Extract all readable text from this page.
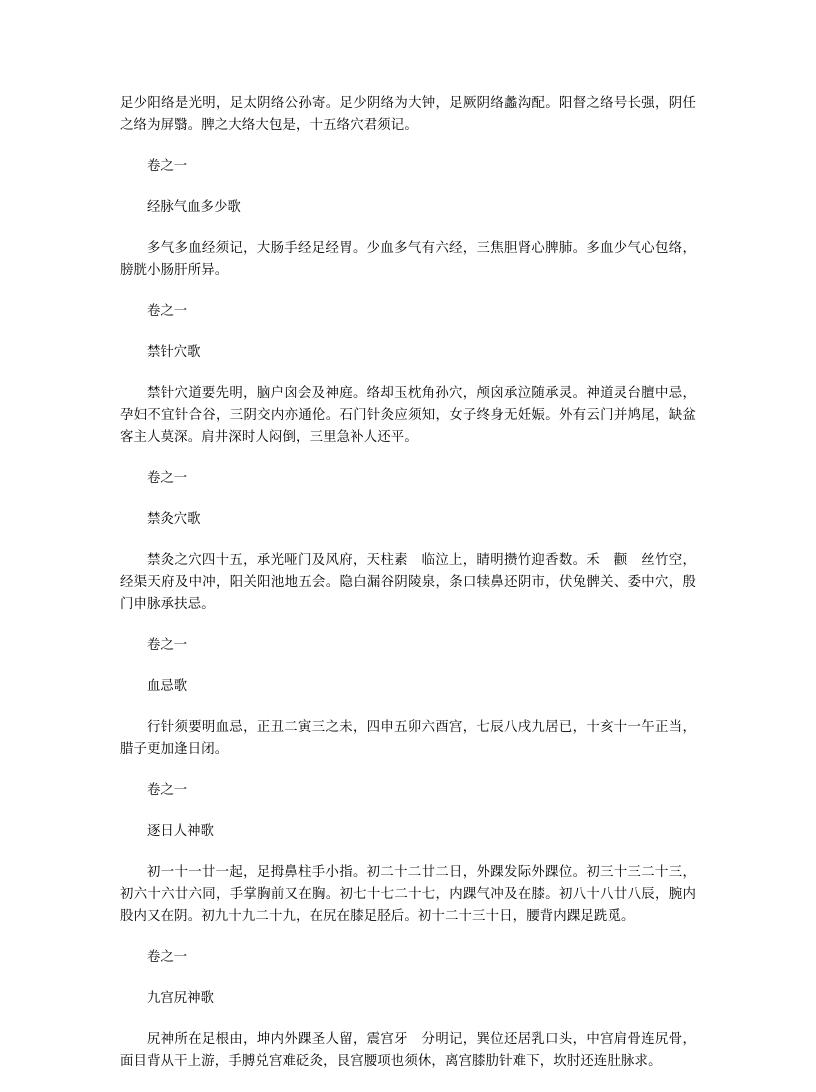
足少阳络是光明，足太阴络公孙寄。足少阴络为大钟，足厥阴络蠡沟配。阳督之络号长强，阴任之络为屏翳。脾之大络大包是，十五络穴君须记。

卷之一
经脉气血多少歌

多气多血经须记，大肠手经足经胃。少血多气有六经，三焦胆肾心脾肺。多血少气心包络，膀胱小肠肝所异。

卷之一
禁针穴歌

禁针穴道要先明，脑户囟会及神庭。络却玉枕角孙穴，颅囟承泣随承灵。神道灵台膻中忌，孕妇不宜针合谷，三阴交内亦通伦。石门针灸应须知，女子终身无妊娠。外有云门并鸠尾，缺盆客主人莫深。肩井深时人闷倒，三里急补人还平。

卷之一
禁灸穴歌

禁灸之穴四十五，承光哑门及风府，天柱素　临泣上，睛明攒竹迎香数。禾　颧　丝竹空，经渠天府及中冲，阳关阳池地五会。隐白漏谷阴陵泉，条口犊鼻还阴市，伏兔髀关、委中穴，殷门申脉承扶忌。

卷之一
血忌歌

行针须要明血忌，正丑二寅三之未，四申五卯六酉宫，七辰八戌九居已，十亥十一午正当，腊子更加逢日闭。

卷之一
逐日人神歌

初一十一廿一起，足拇鼻柱手小指。初二十二廿二日，外踝发际外踝位。初三十三二十三，初六十六廿六同，手掌胸前又在胸。初七十七二十七，内踝气冲及在膝。初八十八廿八辰，腕内股内又在阴。初九十九二十九，在尻在膝足胫后。初十二十三十日，腰背内踝足跣觅。

卷之一
九宫尻神歌

尻神所在足根由，坤内外踝圣人留，震宫牙　分明记，巽位还居乳口头，中宫肩骨连尻骨，面目背从干上游，手膊兑宫难砭灸，艮宫腰项也须休，离宫膝肋针难下，坎肘还连肚脉求。
